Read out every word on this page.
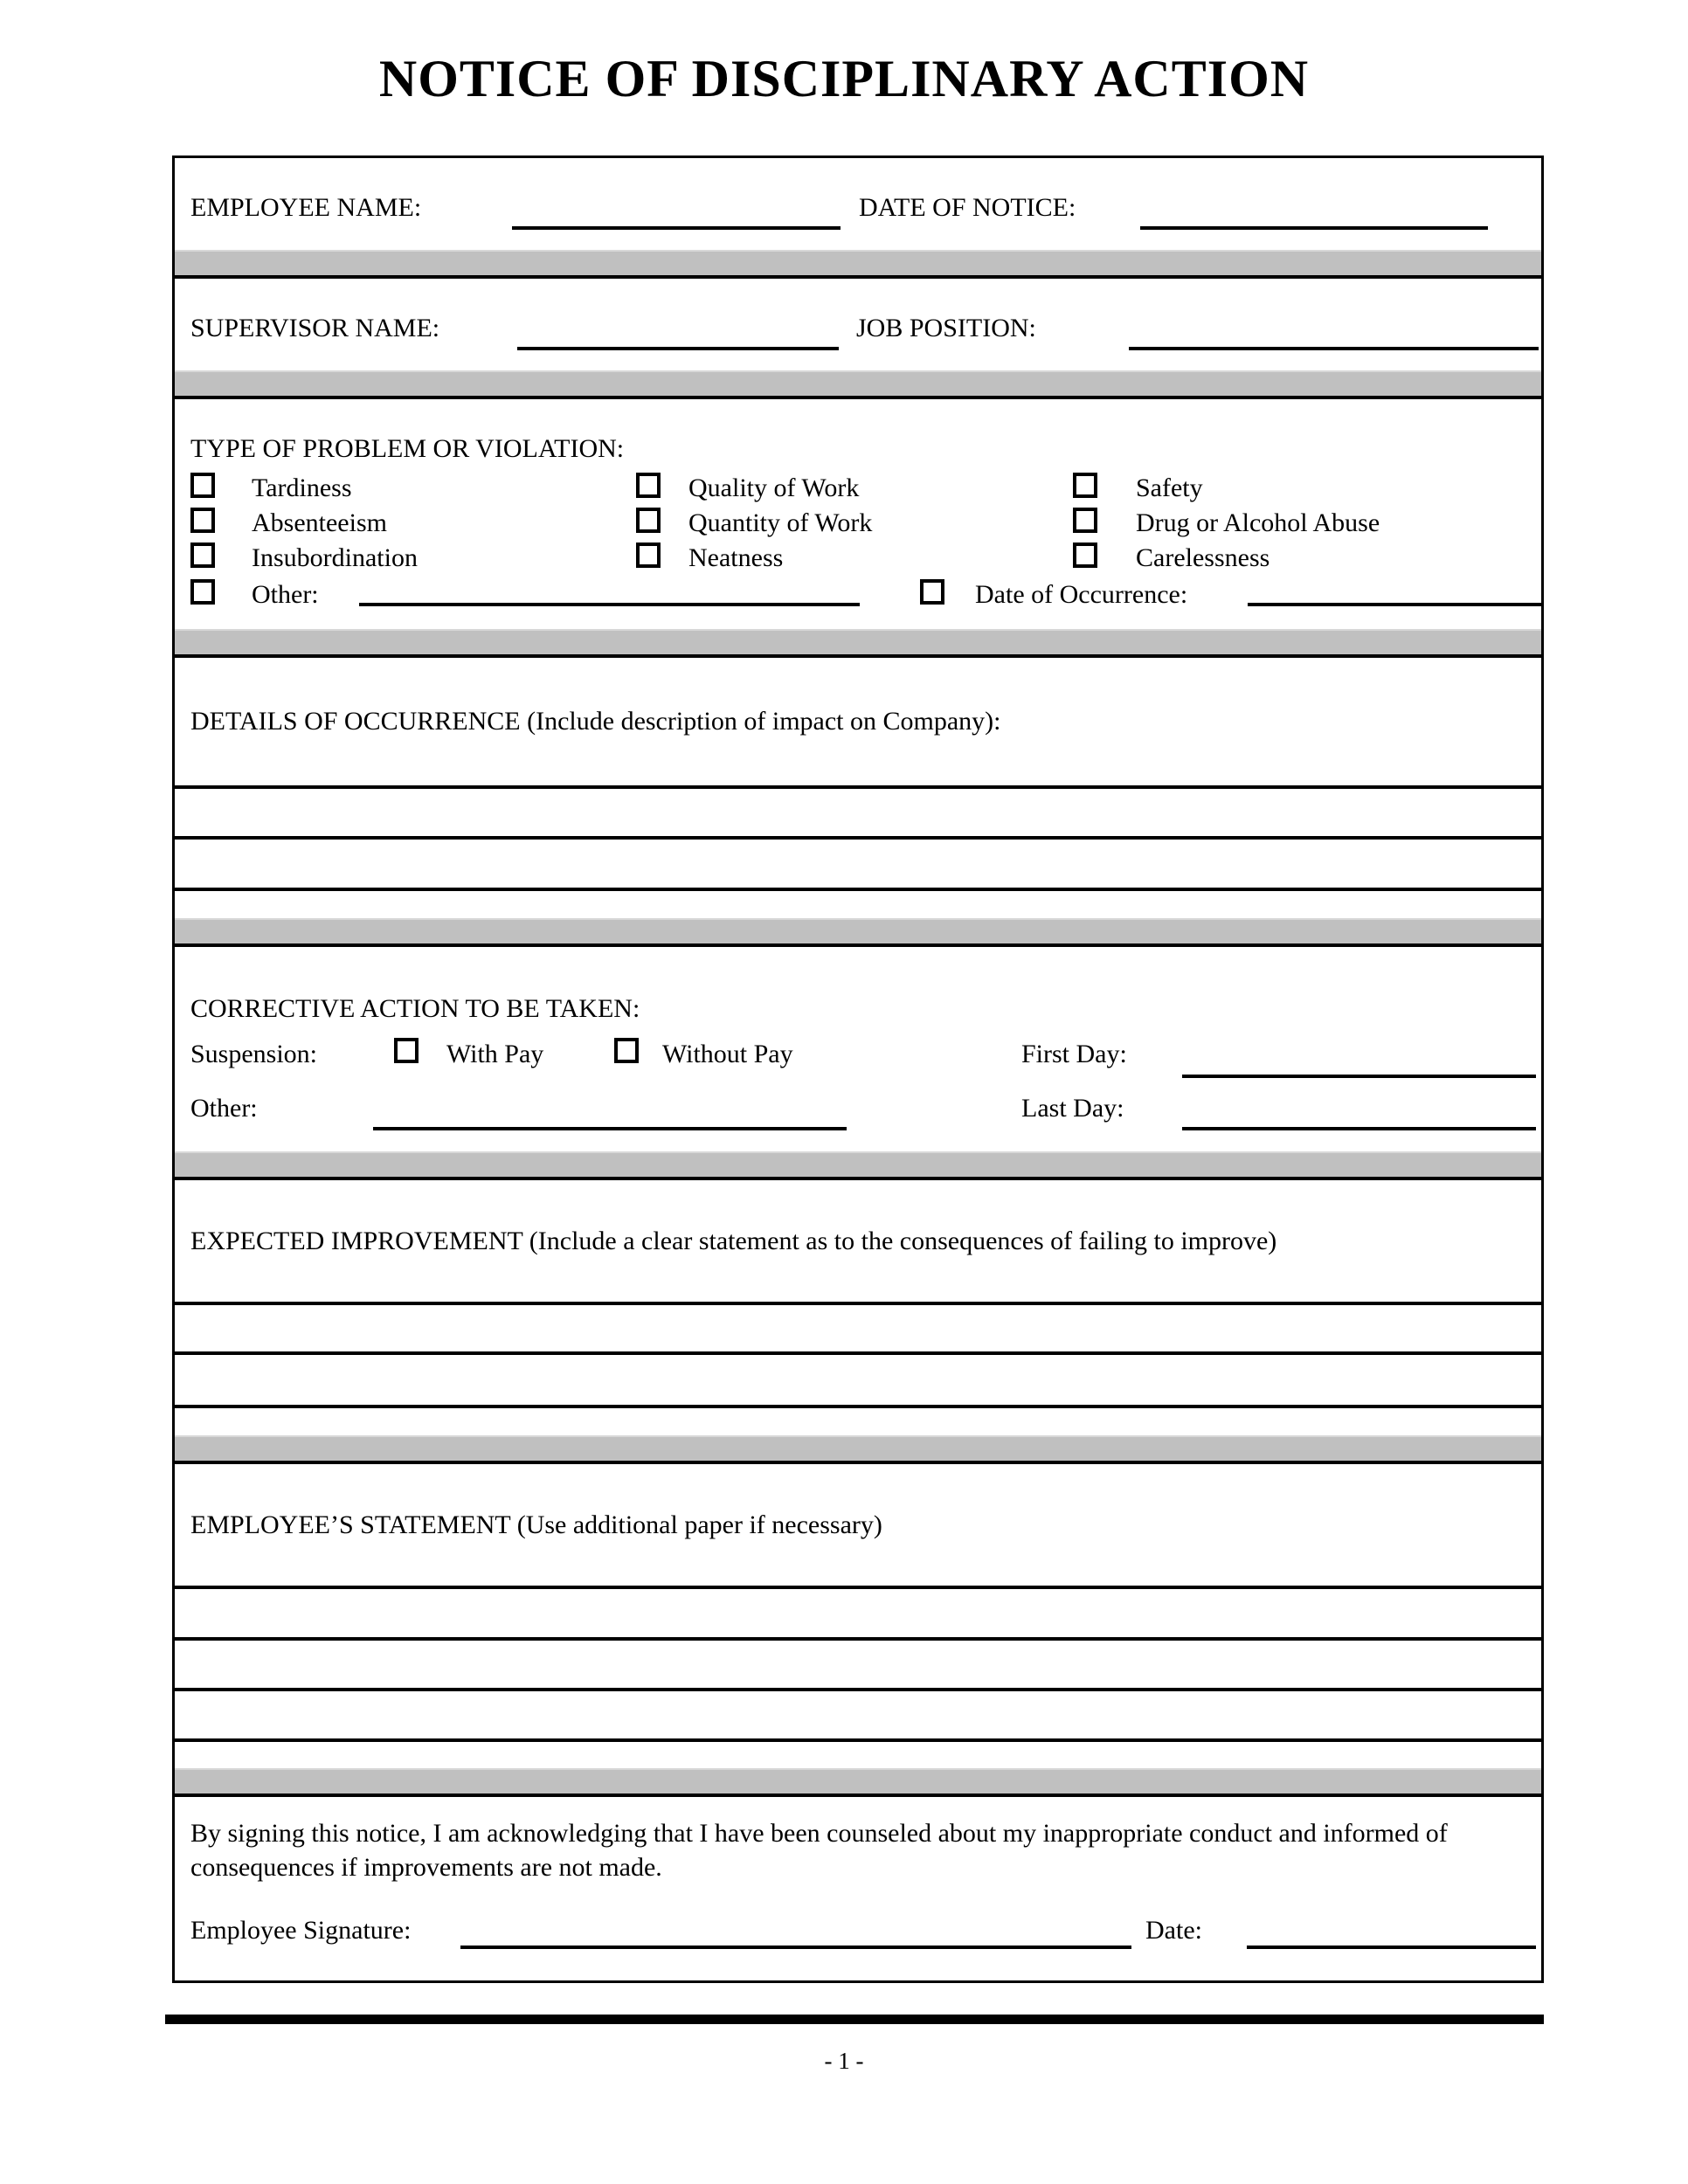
NOTICE OF DISCIPLINARY ACTION
EMPLOYEE NAME:	DATE OF NOTICE:
SUPERVISOR NAME:	JOB POSITION:
TYPE OF PROBLEM OR VIOLATION:
Tardiness	Quality of Work	Safety
Absenteeism	Quantity of Work	Drug or Alcohol Abuse
Insubordination	Neatness	Carelessness
Other:	Date of Occurrence:
DETAILS OF OCCURRENCE (Include description of impact on Company):
CORRECTIVE ACTION TO BE TAKEN:
Suspension:	With Pay	Without Pay	First Day:
Other:	Last Day:
EXPECTED IMPROVEMENT (Include a clear statement as to the consequences of failing to improve)
EMPLOYEE’S STATEMENT (Use additional paper if necessary)
By signing this notice, I am acknowledging that I have been counseled about my inappropriate conduct and informed of consequences if improvements are not made.
Employee Signature:	Date:
- 1 -
